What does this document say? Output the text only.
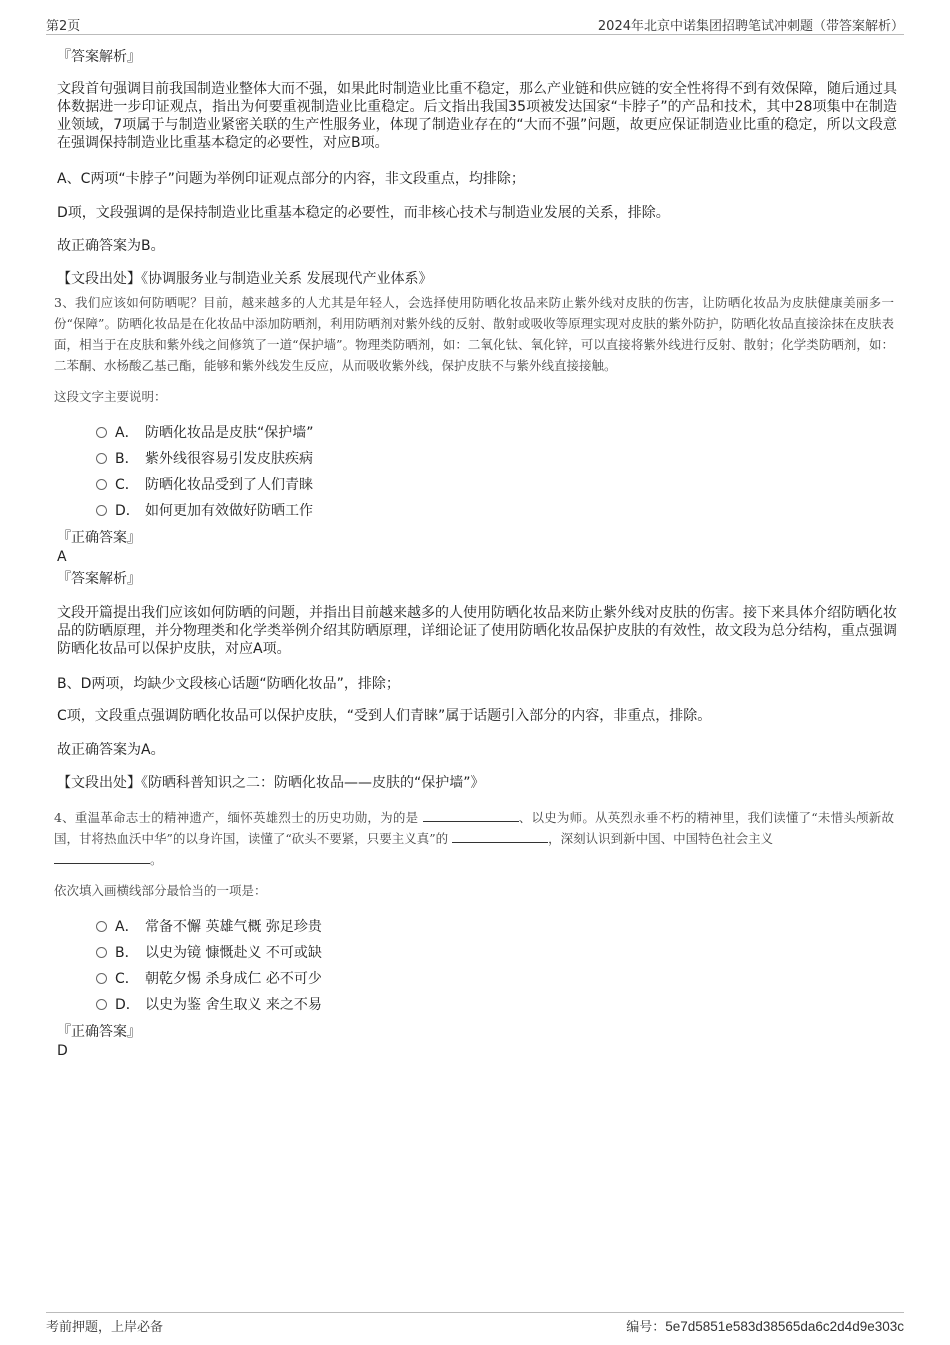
第2页	2024年北京中诺集团招聘笔试冲刺题（带答案解析）
『答案解析』
文段首句强调目前我国制造业整体大而不强，如果此时制造业比重不稳定，那么产业链和供应链的安全性将得不到有效保障，随后通过具体数据进一步印证观点，指出为何要重视制造业比重稳定。后文指出我国35项被发达国家“卡脖子”的产品和技术，其中28项集中在制造业领域，7项属于与制造业紧密关联的生产性服务业，体现了制造业存在的“大而不强”问题，故更应保证制造业比重的稳定，所以文段意在强调保持制造业比重基本稳定的必要性，对应B项。
A、C两项“卡脖子”问题为举例印证观点部分的内容，非文段重点，均排除；
D项，文段强调的是保持制造业比重基本稳定的必要性，而非核心技术与制造业发展的关系，排除。
故正确答案为B。
【文段出处】《协调服务业与制造业关系 发展现代产业体系》
3、我们应该如何防晒呢？目前，越来越多的人尤其是年轻人，会选择使用防晒化妆品来防止紫外线对皮肤的伤害，让防晒化妆品为皮肤健康美丽多一份“保障”。防晒化妆品是在化妆品中添加防晒剂，利用防晒剂对紫外线的反射、散射或吸收等原理实现对皮肤的紫外防护，防晒化妆品直接涂抹在皮肤表面，相当于在皮肤和紫外线之间修筑了一道“保护墙”。物理类防晒剂，如：二氧化钛、氧化锌，可以直接将紫外线进行反射、散射；化学类防晒剂，如：二苯酮、水杨酸乙基己酯，能够和紫外线发生反应，从而吸收紫外线，保护皮肤不与紫外线直接接触。
这段文字主要说明：
A． 防晒化妆品是皮肤“保护墙”
B． 紫外线很容易引发皮肤疾病
C． 防晒化妆品受到了人们青睐
D． 如何更加有效做好防晒工作
『正确答案』
A
『答案解析』
文段开篇提出我们应该如何防晒的问题，并指出目前越来越多的人使用防晒化妆品来防止紫外线对皮肤的伤害。接下来具体介绍防晒化妆品的防晒原理，并分物理类和化学类举例介绍其防晒原理，详细论证了使用防晒化妆品保护皮肤的有效性，故文段为总分结构，重点强调防晒化妆品可以保护皮肤，对应A项。
B、D两项，均缺少文段核心话题“防晒化妆品”，排除；
C项，文段重点强调防晒化妆品可以保护皮肤，“受到人们青睐”属于话题引入部分的内容，非重点，排除。
故正确答案为A。
【文段出处】《防晒科普知识之二：防晒化妆品——皮肤的“保护墙”》
4、重温革命志士的精神遗产，缅怀英雄烈士的历史功勋，为的是	、以史为师。从英烈永垂不朽的精神里，我们读懂了“未惜头颅新故国，甘将热血沃中华”的以身许国，读懂了“砍头不要紧，只要主义真”的	，深刻认识到新中国、中国特色社会主义
。
依次填入画横线部分最恰当的一项是：
A． 常备不懈 英雄气概 弥足珍贵
B． 以史为镜 慷慨赴义 不可或缺
C． 朝乾夕惕 杀身成仁 必不可少
D． 以史为鉴 舍生取义 来之不易
『正确答案』
D
考前押题，上岸必备	编号：5e7d5851e583d38565da6c2d4d9e303c
